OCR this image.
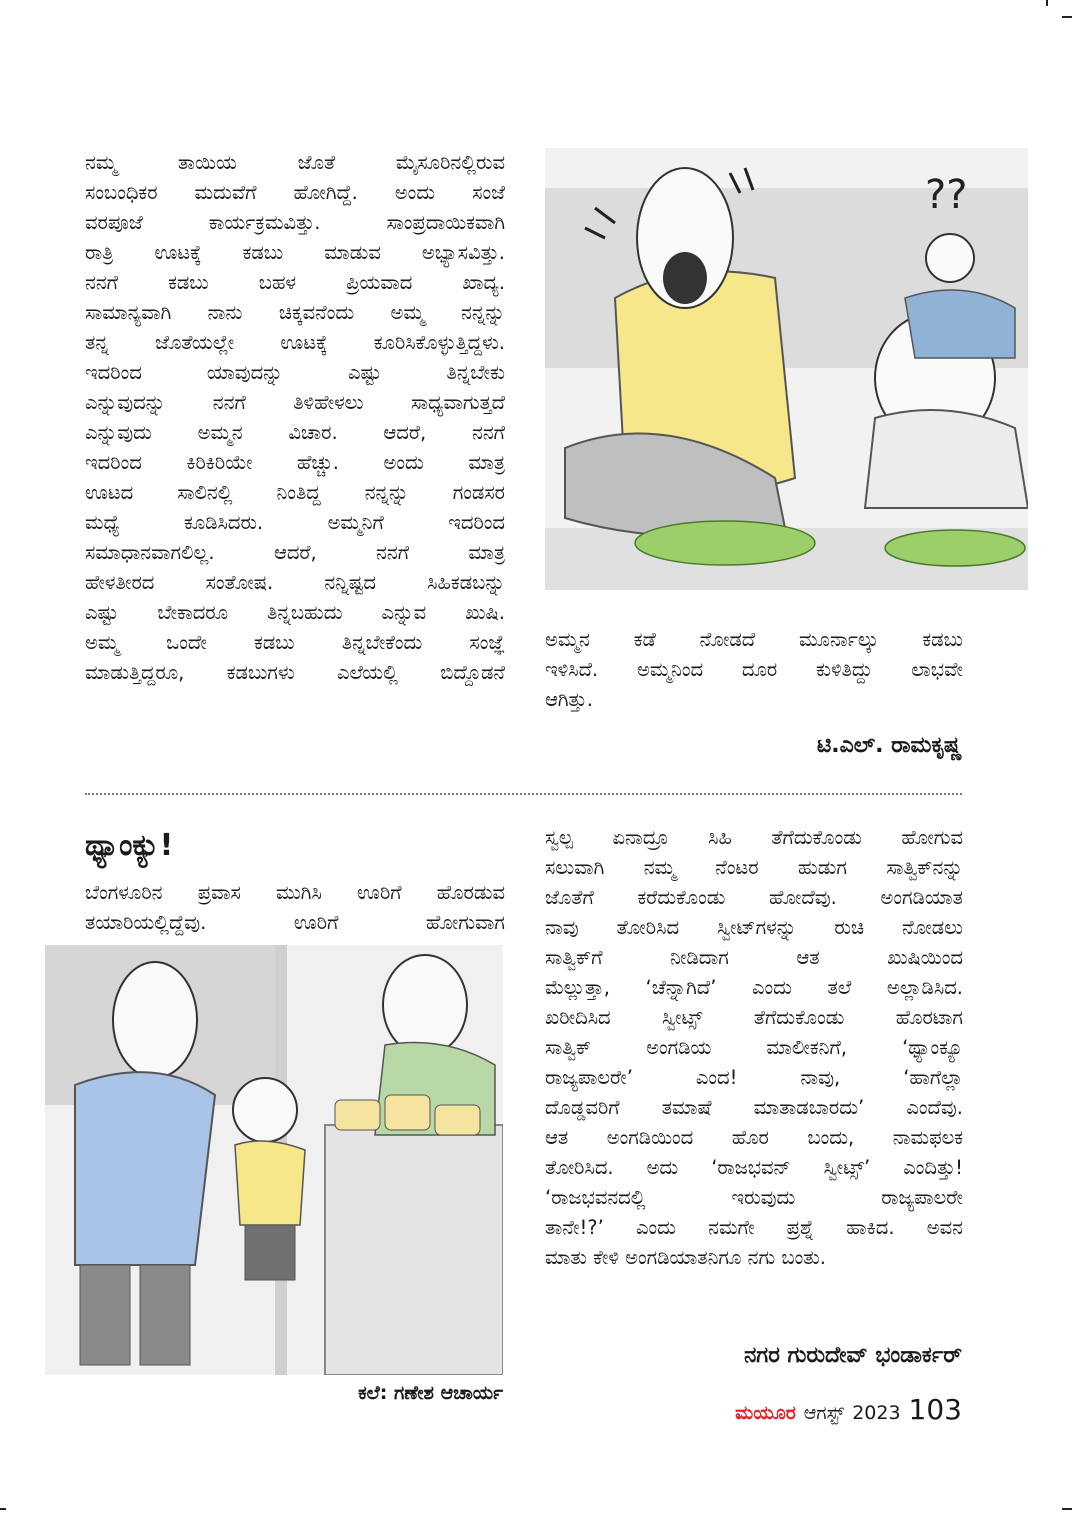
ನಮ್ಮ ತಾಯಿಯ ಜೊತೆ ಮೈಸೂರಿನಲ್ಲಿರುವ
ಸಂಬಂಧಿಕರ ಮದುವೆಗೆ ಹೋಗಿದ್ದೆ. ಅಂದು ಸಂಜೆ
ವರಪೂಜೆ ಕಾರ್ಯಕ್ರಮವಿತ್ತು. ಸಾಂಪ್ರದಾಯಿಕವಾಗಿ
ರಾತ್ರಿ ಊಟಕ್ಕೆ ಕಡಬು ಮಾಡುವ ಅಭ್ಯಾಸವಿತ್ತು.
ನನಗೆ ಕಡಬು ಬಹಳ ಪ್ರಿಯವಾದ ಖಾದ್ಯ.
ಸಾಮಾನ್ಯವಾಗಿ ನಾನು ಚಿಕ್ಕವನೆಂದು ಅಮ್ಮ ನನ್ನನ್ನು
ತನ್ನ ಜೊತೆಯಲ್ಲೇ ಊಟಕ್ಕೆ ಕೂರಿಸಿಕೊಳ್ಳುತ್ತಿದ್ದಳು.
ಇದರಿಂದ ಯಾವುದನ್ನು ಎಷ್ಟು ತಿನ್ನಬೇಕು
ಎನ್ನುವುದನ್ನು ನನಗೆ ತಿಳಿಹೇಳಲು ಸಾಧ್ಯವಾಗುತ್ತದೆ
ಎನ್ನುವುದು ಅಮ್ಮನ ವಿಚಾರ. ಆದರೆ, ನನಗೆ
ಇದರಿಂದ ಕಿರಿಕಿರಿಯೇ ಹೆಚ್ಚು. ಅಂದು ಮಾತ್ರ
ಊಟದ ಸಾಲಿನಲ್ಲಿ ನಿಂತಿದ್ದ ನನ್ನನ್ನು ಗಂಡಸರ
ಮಧ್ಯೆ ಕೂಡಿಸಿದರು. ಅಮ್ಮನಿಗೆ ಇದರಿಂದ
ಸಮಾಧಾನವಾಗಲಿಲ್ಲ. ಆದರೆ, ನನಗೆ ಮಾತ್ರ
ಹೇಳತೀರದ ಸಂತೋಷ. ನನ್ನಿಷ್ಟದ ಸಿಹಿಕಡಬನ್ನು
ಎಷ್ಟು ಬೇಕಾದರೂ ತಿನ್ನಬಹುದು ಎನ್ನುವ ಖುಷಿ.
ಅಮ್ಮ ಒಂದೇ ಕಡಬು ತಿನ್ನಬೇಕೆಂದು ಸಂಜ್ಞೆ
ಮಾಡುತ್ತಿದ್ದರೂ, ಕಡಬುಗಳು ಎಲೆಯಲ್ಲಿ ಬಿದ್ದೊಡನೆ
??
ಅಮ್ಮನ ಕಡೆ ನೋಡದೆ ಮೂರ್ನಾಲ್ಕು ಕಡಬು
ಇಳಿಸಿದೆ. ಅಮ್ಮನಿಂದ ದೂರ ಕುಳಿತಿದ್ದು ಲಾಭವೇ
ಆಗಿತ್ತು.
ಟಿ.ಎಲ್‌. ರಾಮಕೃಷ್ಣ
ಥ್ಯಾಂಕ್ಯು!
ಬೆಂಗಳೂರಿನ ಪ್ರವಾಸ ಮುಗಿಸಿ ಊರಿಗೆ ಹೊರಡುವ
ತಯಾರಿಯಲ್ಲಿದ್ದೆವು. ಊರಿಗೆ ಹೋಗುವಾಗ
ಕಲೆ: ಗಣೇಶ ಆಚಾರ್ಯ
ಸ್ವಲ್ಪ ಏನಾದ್ರೂ ಸಿಹಿ ತೆಗೆದುಕೊಂಡು ಹೋಗುವ
ಸಲುವಾಗಿ ನಮ್ಮ ನೆಂಟರ ಹುಡುಗ ಸಾತ್ವಿಕ್‌ನನ್ನು
ಜೊತೆಗೆ ಕರೆದುಕೊಂಡು ಹೋದೆವು. ಅಂಗಡಿಯಾತ
ನಾವು ತೋರಿಸಿದ ಸ್ವೀಟ್‌ಗಳನ್ನು ರುಚಿ ನೋಡಲು
ಸಾತ್ವಿಕ್‌ಗೆ ನೀಡಿದಾಗ ಆತ ಖುಷಿಯಿಂದ
ಮೆಲ್ಲುತ್ತಾ, ‘ಚೆನ್ನಾಗಿದೆ’ ಎಂದು ತಲೆ ಅಲ್ಲಾಡಿಸಿದ.
ಖರೀದಿಸಿದ ಸ್ವೀಟ್ಸ್ ತೆಗೆದುಕೊಂಡು ಹೊರಟಾಗ
ಸಾತ್ವಿಕ್ ಅಂಗಡಿಯ ಮಾಲೀಕನಿಗೆ, ‘ಥ್ಯಾಂಕ್ಯೂ
ರಾಜ್ಯಪಾಲರೇ’ ಎಂದ! ನಾವು, ‘ಹಾಗೆಲ್ಲಾ
ದೊಡ್ಡವರಿಗೆ ತಮಾಷೆ ಮಾತಾಡಬಾರದು’ ಎಂದೆವು.
ಆತ ಅಂಗಡಿಯಿಂದ ಹೊರ ಬಂದು, ನಾಮಫಲಕ
ತೋರಿಸಿದ. ಅದು ‘ರಾಜಭವನ್ ಸ್ವೀಟ್ಸ್’ ಎಂದಿತ್ತು!
‘ರಾಜಭವನದಲ್ಲಿ ಇರುವುದು ರಾಜ್ಯಪಾಲರೇ
ತಾನೇ!?’ ಎಂದು ನಮಗೇ ಪ್ರಶ್ನೆ ಹಾಕಿದ. ಅವನ
ಮಾತು ಕೇಳಿ ಅಂಗಡಿಯಾತನಿಗೂ ನಗು ಬಂತು.
ನಗರ ಗುರುದೇವ್ ಭಂಡಾರ್ಕರ್
ಮಯೂರ ಆಗಸ್ಟ್ 2023 103
